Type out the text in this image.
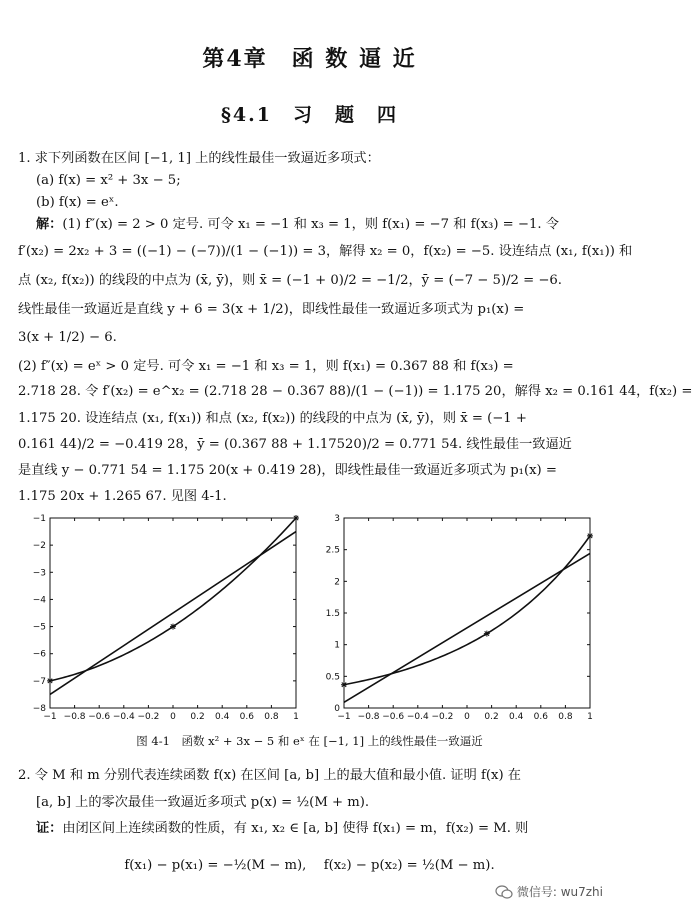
第4章　函 数 逼 近
§4.1　习　题　四
1. 求下列函数在区间 [−1, 1] 上的线性最佳一致逼近多项式：
(a) f(x) = x² + 3x − 5;
(b) f(x) = eˣ.
解：(1) f″(x) = 2 > 0 定号. 可令 x₁ = −1 和 x₃ = 1，则 f(x₁) = −7 和 f(x₃) = −1. 令
f′(x₂) = 2x₂ + 3 = ((−1) − (−7))/(1 − (−1)) = 3，解得 x₂ = 0，f(x₂) = −5. 设连结点 (x₁, f(x₁)) 和
点 (x₂, f(x₂)) 的线段的中点为 (x̄, ȳ)，则 x̄ = (−1 + 0)/2 = −1/2，ȳ = (−7 − 5)/2 = −6.
线性最佳一致逼近是直线 y + 6 = 3(x + 1/2)，即线性最佳一致逼近多项式为 p₁(x) =
3(x + 1/2) − 6.
(2) f″(x) = eˣ > 0 定号. 可令 x₁ = −1 和 x₃ = 1，则 f(x₁) = 0.367 88 和 f(x₃) =
2.718 28. 令 f′(x₂) = e^x₂ = (2.718 28 − 0.367 88)/(1 − (−1)) = 1.175 20，解得 x₂ = 0.161 44，f(x₂) =
1.175 20. 设连结点 (x₁, f(x₁)) 和点 (x₂, f(x₂)) 的线段的中点为 (x̄, ȳ)，则 x̄ = (−1 +
0.161 44)/2 = −0.419 28，ȳ = (0.367 88 + 1.17520)/2 = 0.771 54. 线性最佳一致逼近
是直线 y − 0.771 54 = 1.175 20(x + 0.419 28)，即线性最佳一致逼近多项式为 p₁(x) =
1.175 20x + 1.265 67. 见图 4-1.
−1 −0.8 −0.6 −0.4 −0.2 0 0.2 0.4 0.6 0.8 1
−8
−7
−6
−5
−4
−3
−2
−1
−1 −0.8 −0.6 −0.4 −0.2 0 0.2 0.4 0.6 0.8 1
0
0.5
1
1.5
2
2.5
3
图 4-1　函数 x² + 3x − 5 和 eˣ 在 [−1, 1] 上的线性最佳一致逼近
2. 令 M 和 m 分别代表连续函数 f(x) 在区间 [a, b] 上的最大值和最小值. 证明 f(x) 在
[a, b] 上的零次最佳一致逼近多项式 p(x) = ½(M + m).
证：由闭区间上连续函数的性质，有 x₁, x₂ ∈ [a, b] 使得 f(x₁) = m，f(x₂) = M. 则
f(x₁) − p(x₁) = −½(M − m),　 f(x₂) − p(x₂) = ½(M − m).
微信号: wu7zhi
